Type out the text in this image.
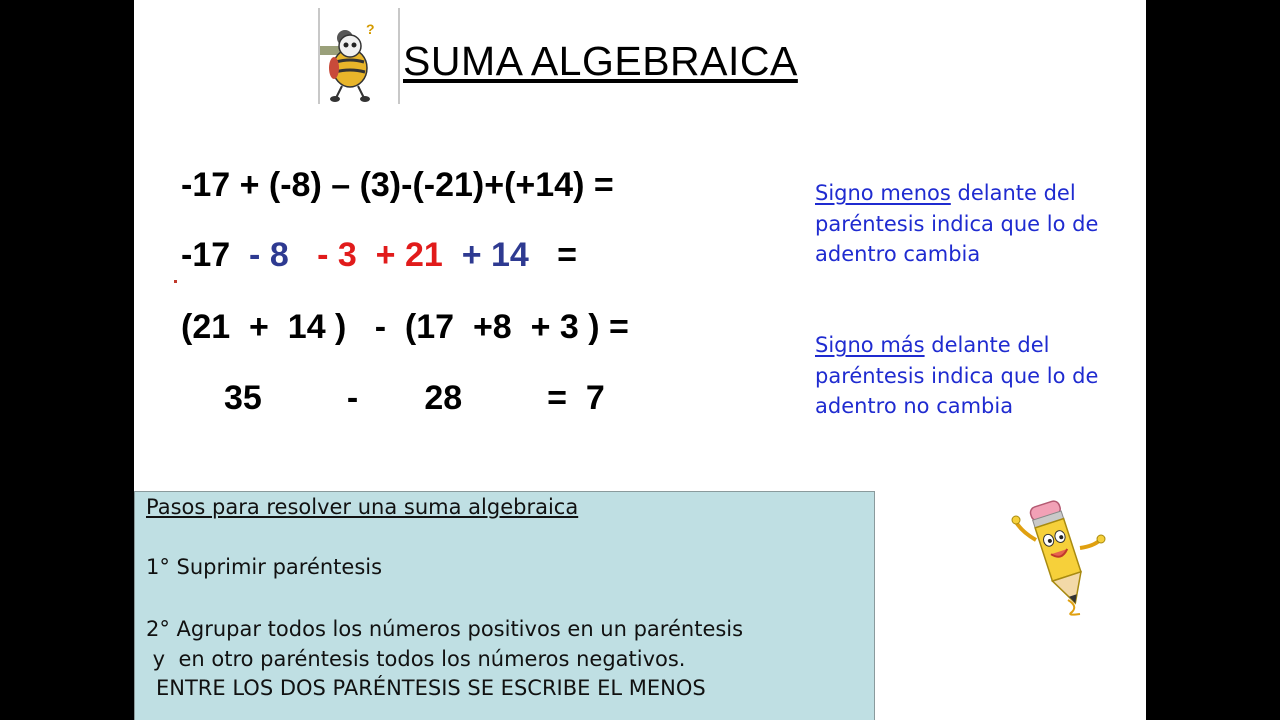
?
SUMA ALGEBRAICA
-17 + (-8) – (3)-(-21)+(+14) =
-17 - 8 - 3 + 21 + 14 =
(21  +  14 )   -  (17  +8  + 3 ) =
35	- 28	=  7
Signo menos delante del paréntesis indica que lo de adentro cambia
Signo más delante del paréntesis indica que lo de adentro no cambia
Pasos para resolver una suma algebraica
1° Suprimir paréntesis
2° Agrupar todos los números positivos en un paréntesis
y  en otro paréntesis todos los números negativos.
ENTRE LOS DOS PARÉNTESIS SE ESCRIBE EL MENOS
